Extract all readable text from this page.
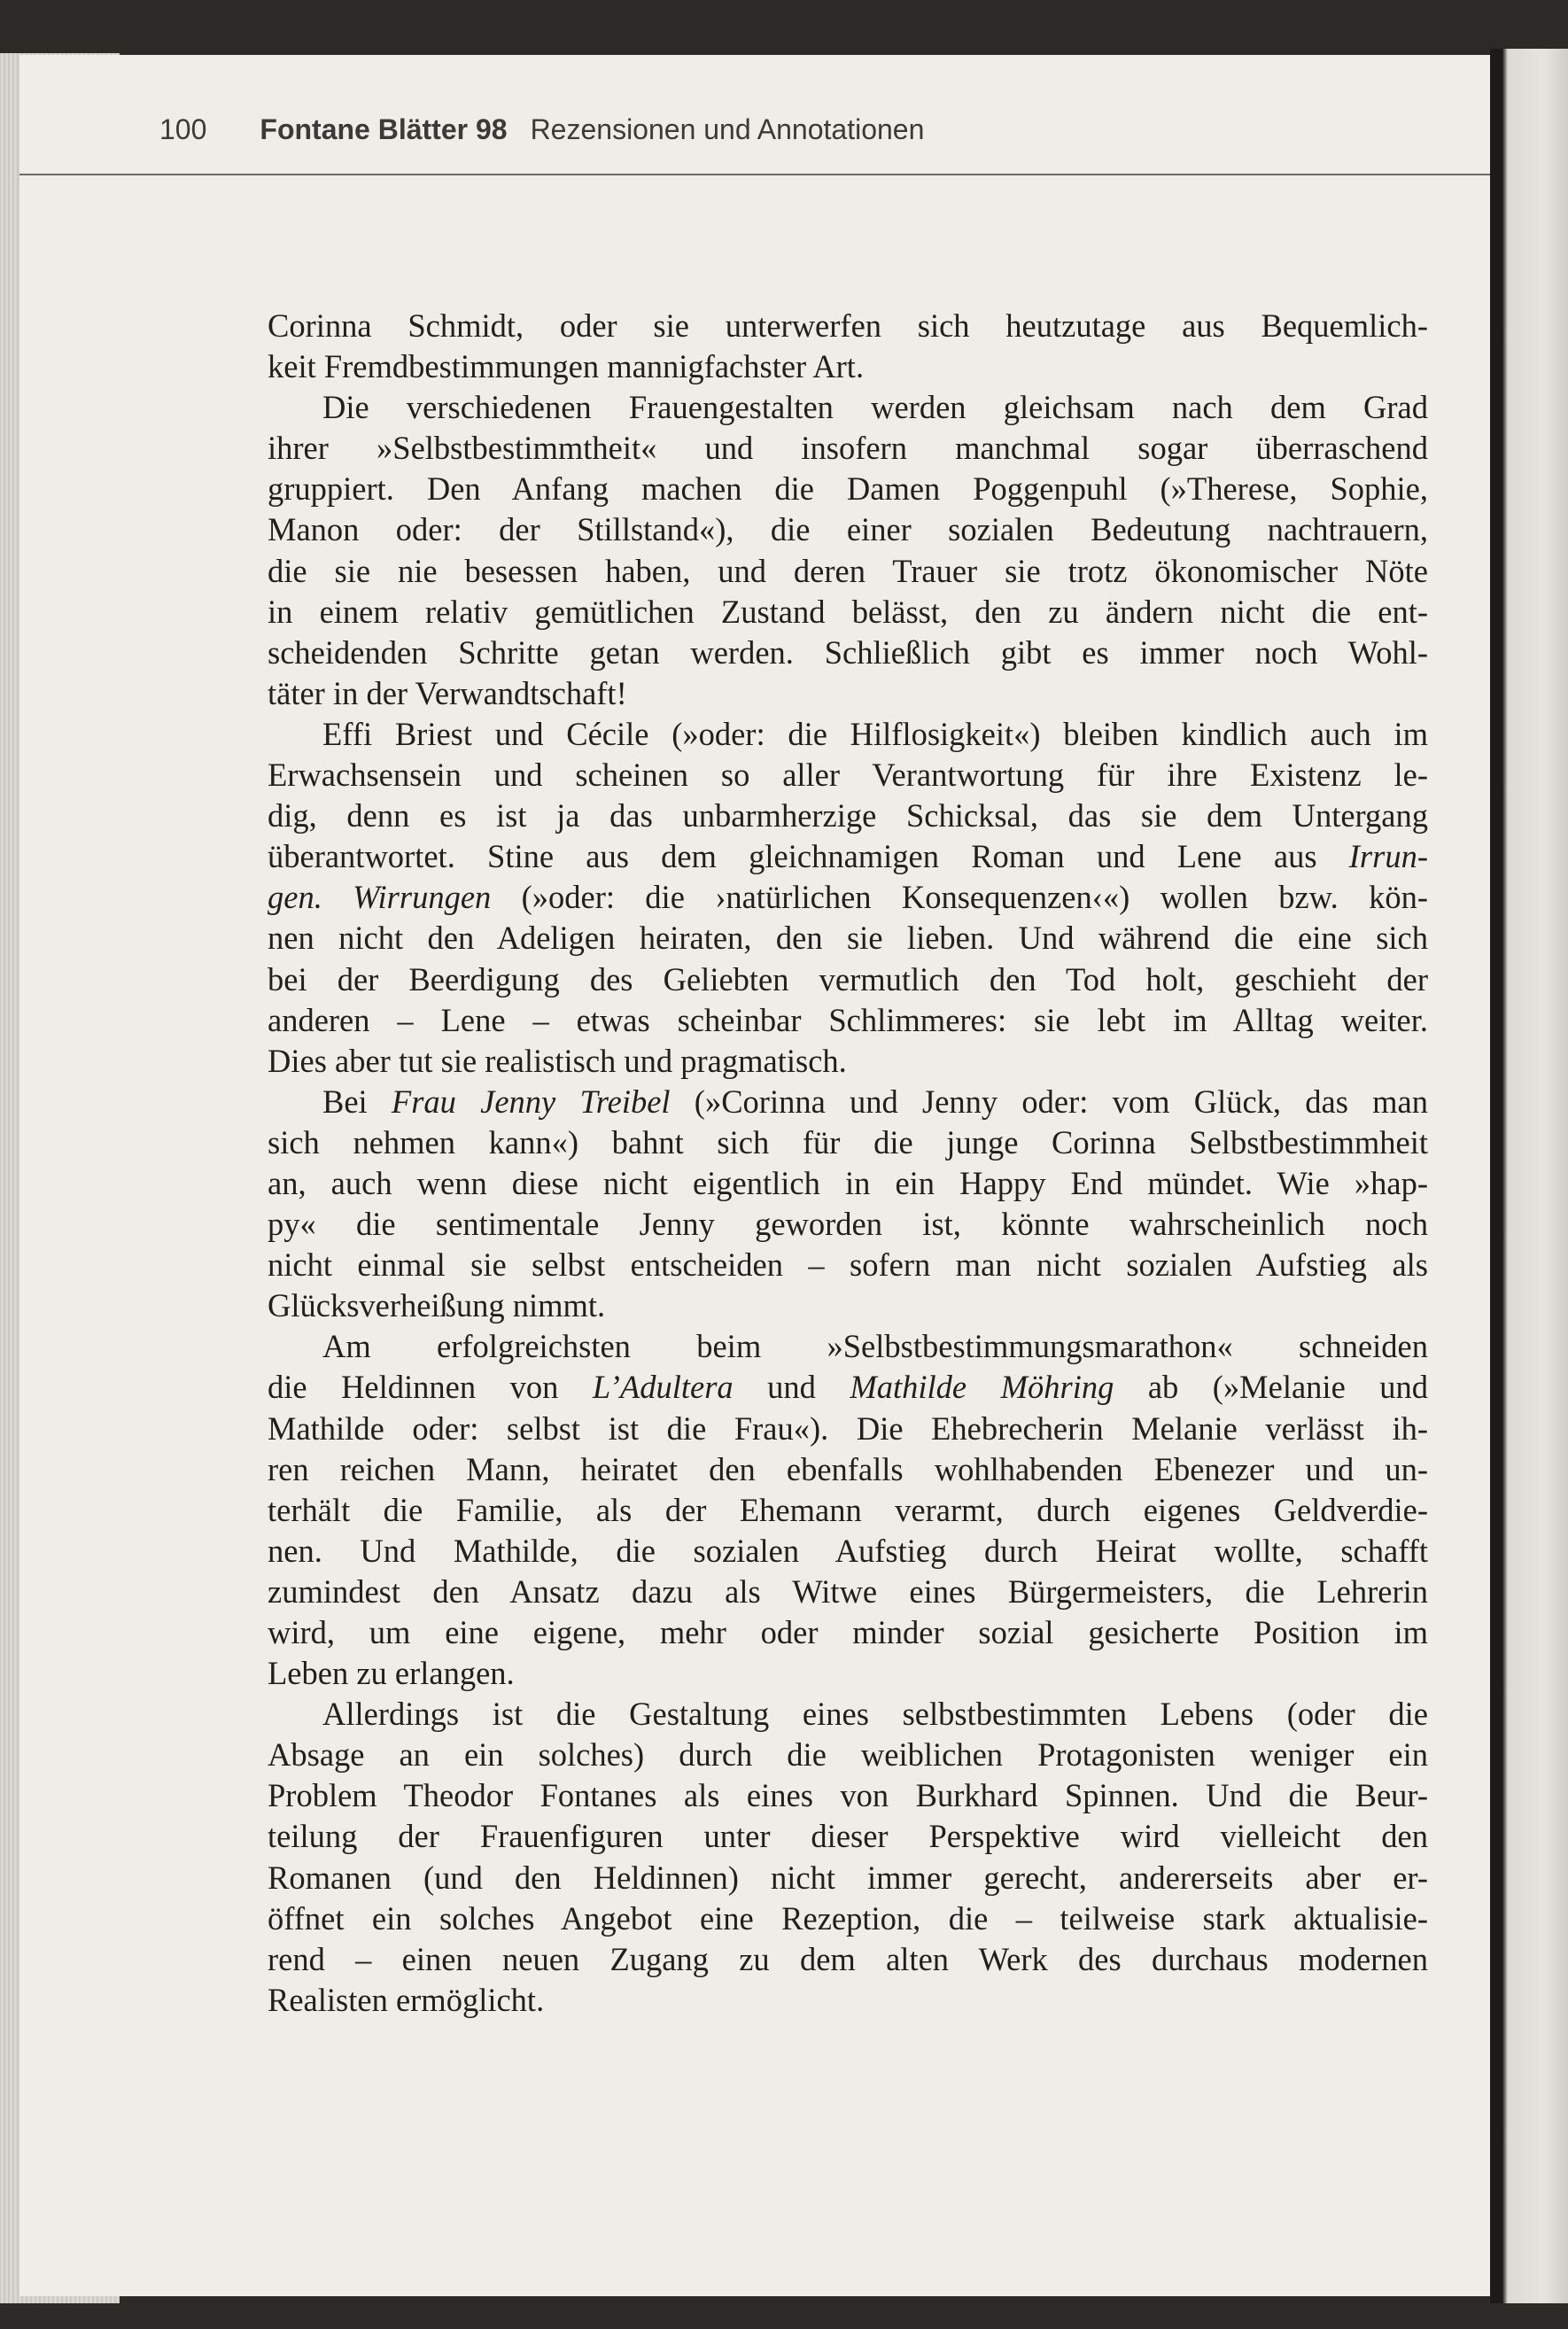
100 Fontane Blätter 98 Rezensionen und Annotationen

Corinna Schmidt, oder sie unterwerfen sich heutzutage aus Bequemlich-
keit Fremdbestimmungen mannigfachster Art.

Die verschiedenen Frauengestalten werden gleichsam nach dem Grad
ihrer »Selbstbestimmtheit« und insofern manchmal sogar überraschend
gruppiert. Den Anfang machen die Damen Poggenpuhl (»Therese, Sophie,
Manon oder: der Stillstand«), die einer sozialen Bedeutung nachtrauern,
die sie nie besessen haben, und deren Trauer sie trotz ökonomischer Nöte
in einem relativ gemütlichen Zustand belässt, den zu ändern nicht die ent-
scheidenden Schritte getan werden. Schließlich gibt es immer noch Wohl-
täter in der Verwandtschaft!

Effi Briest und Cécile (»oder: die Hilflosigkeit«) bleiben kindlich auch im
Erwachsensein und scheinen so aller Verantwortung für ihre Existenz le-
dig, denn es ist ja das unbarmherzige Schicksal, das sie dem Untergang
überantwortet. Stine aus dem gleichnamigen Roman und Lene aus Irrun-
gen. Wirrungen (»oder: die ›natürlichen Konsequenzen‹«) wollen bzw. kön-
nen nicht den Adeligen heiraten, den sie lieben. Und während die eine sich
bei der Beerdigung des Geliebten vermutlich den Tod holt, geschieht der
anderen – Lene – etwas scheinbar Schlimmeres: sie lebt im Alltag weiter.
Dies aber tut sie realistisch und pragmatisch.

Bei Frau Jenny Treibel (»Corinna und Jenny oder: vom Glück, das man
sich nehmen kann«) bahnt sich für die junge Corinna Selbstbestimmheit
an, auch wenn diese nicht eigentlich in ein Happy End mündet. Wie »hap-
py« die sentimentale Jenny geworden ist, könnte wahrscheinlich noch
nicht einmal sie selbst entscheiden – sofern man nicht sozialen Aufstieg als
Glücksverheißung nimmt.

Am erfolgreichsten beim »Selbstbestimmungsmarathon« schneiden
die Heldinnen von L’Adultera und Mathilde Möhring ab (»Melanie und
Mathilde oder: selbst ist die Frau«). Die Ehebrecherin Melanie verlässt ih-
ren reichen Mann, heiratet den ebenfalls wohlhabenden Ebenezer und un-
terhält die Familie, als der Ehemann verarmt, durch eigenes Geldverdie-
nen. Und Mathilde, die sozialen Aufstieg durch Heirat wollte, schafft
zumindest den Ansatz dazu als Witwe eines Bürgermeisters, die Lehrerin
wird, um eine eigene, mehr oder minder sozial gesicherte Position im
Leben zu erlangen.

Allerdings ist die Gestaltung eines selbstbestimmten Lebens (oder die
Absage an ein solches) durch die weiblichen Protagonisten weniger ein
Problem Theodor Fontanes als eines von Burkhard Spinnen. Und die Beur-
teilung der Frauenfiguren unter dieser Perspektive wird vielleicht den
Romanen (und den Heldinnen) nicht immer gerecht, andererseits aber er-
öffnet ein solches Angebot eine Rezeption, die – teilweise stark aktualisie-
rend – einen neuen Zugang zu dem alten Werk des durchaus modernen
Realisten ermöglicht.
